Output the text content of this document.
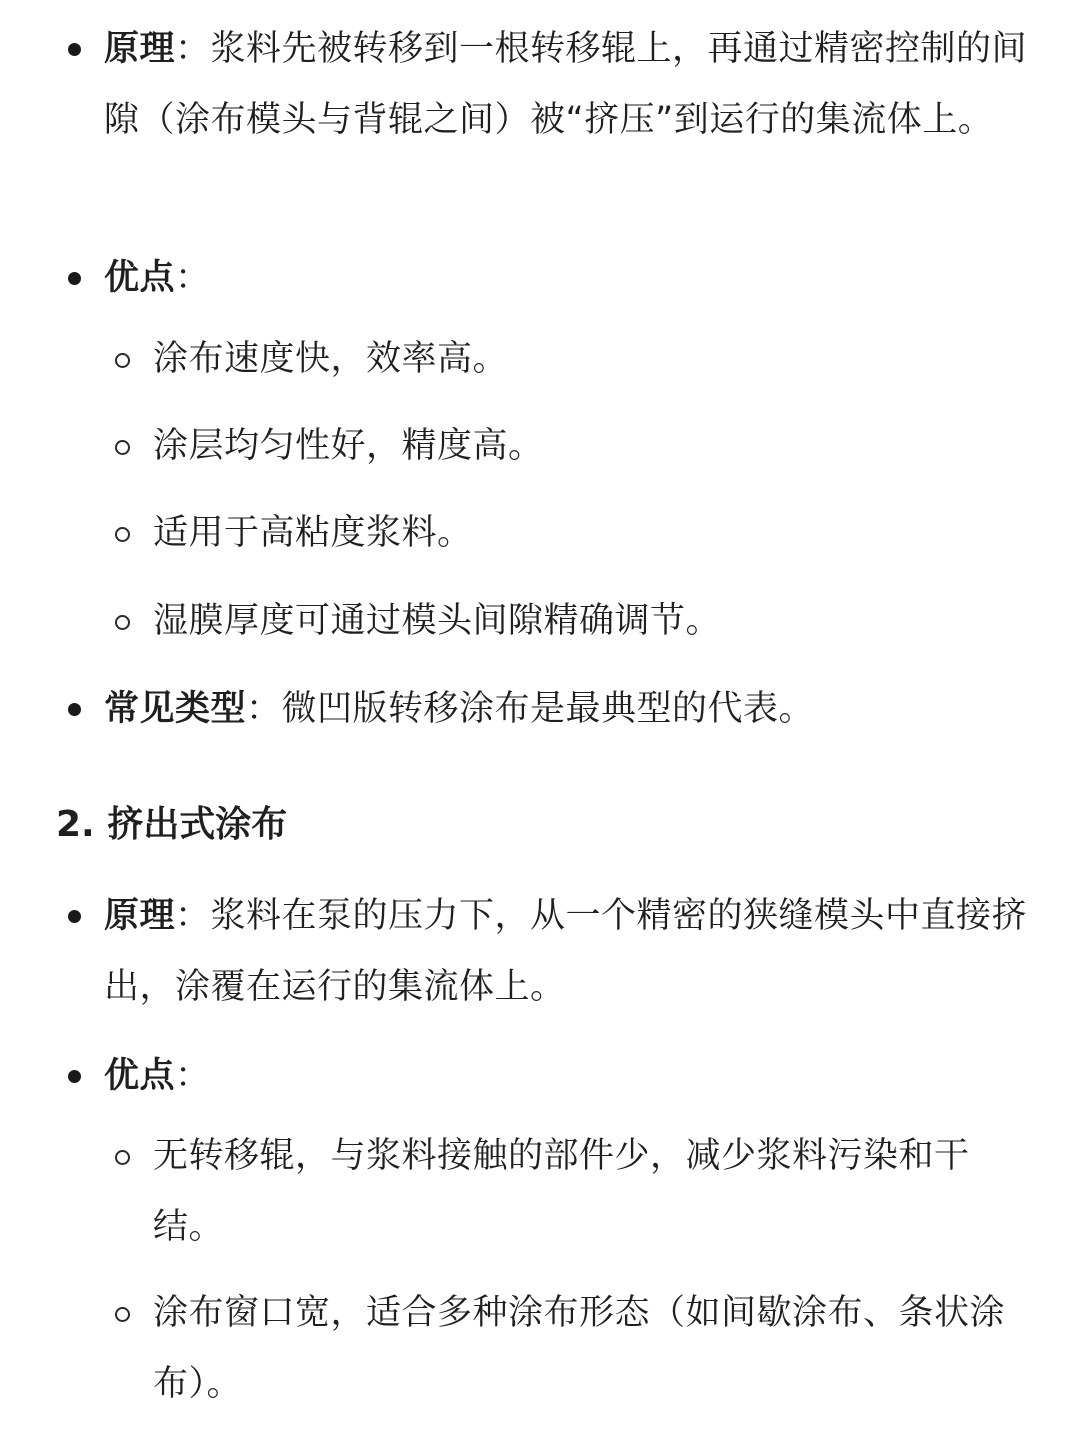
原理：浆料先被转移到一根转移辊上，再通过精密控制的间隙（涂布模头与背辊之间）被“挤压”到运行的集流体上。

优点：

涂布速度快，效率高。

涂层均匀性好，精度高。

适用于高粘度浆料。

湿膜厚度可通过模头间隙精确调节。

常见类型：微凹版转移涂布是最典型的代表。

2. 挤出式涂布

原理：浆料在泵的压力下，从一个精密的狭缝模头中直接挤出，涂覆在运行的集流体上。

优点：

无转移辊，与浆料接触的部件少，减少浆料污染和干结。

涂布窗口宽，适合多种涂布形态（如间歇涂布、条状涂布）。
